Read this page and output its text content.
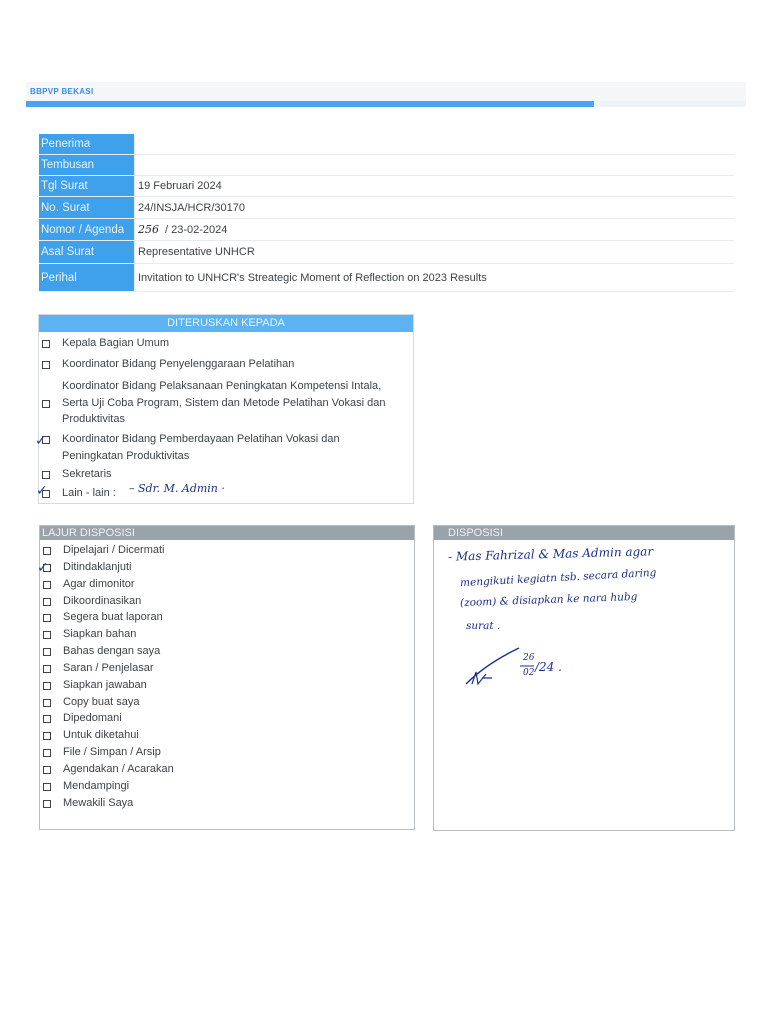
BBPVP BEKASI
Penerima
Tembusan
Tgl Surat	19 Februari 2024
No. Surat	24/INSJA/HCR/30170
Nomor / Agenda	256 / 23-02-2024
Asal Surat	Representative UNHCR
Perihal	Invitation to UNHCR's Streategic Moment of Reflection on 2023 Results
DITERUSKAN KEPADA
Kepala Bagian Umum
Koordinator Bidang Penyelenggaraan Pelatihan
Koordinator Bidang Pelaksanaan Peningkatan Kompetensi Intala,
Serta Uji Coba Program, Sistem dan Metode Pelatihan Vokasi dan
Produktivitas
Koordinator Bidang Pemberdayaan Pelatihan Vokasi dan
Peningkatan Produktivitas
✓
Sekretaris
Lain - lain :
✓	– Sdr. M. Admin ·
LAJUR DISPOSISI
Dipelajari / Dicermati
Ditindaklanjuti
Agar dimonitor
Dikoordinasikan
Segera buat laporan
Siapkan bahan
Bahas dengan saya
Saran / Penjelasar
Siapkan jawaban
Copy buat saya
Dipedomani
Untuk diketahui
File / Simpan / Arsip
Agendakan / Acarakan
Mendampingi
Mewakili Saya
✓
DISPOSISI
- Mas Fahrizal & Mas Admin agar
mengikuti kegiatn tsb. secara daring
(zoom) & disiapkan ke nara hubg
surat .
26
02 /24 .
